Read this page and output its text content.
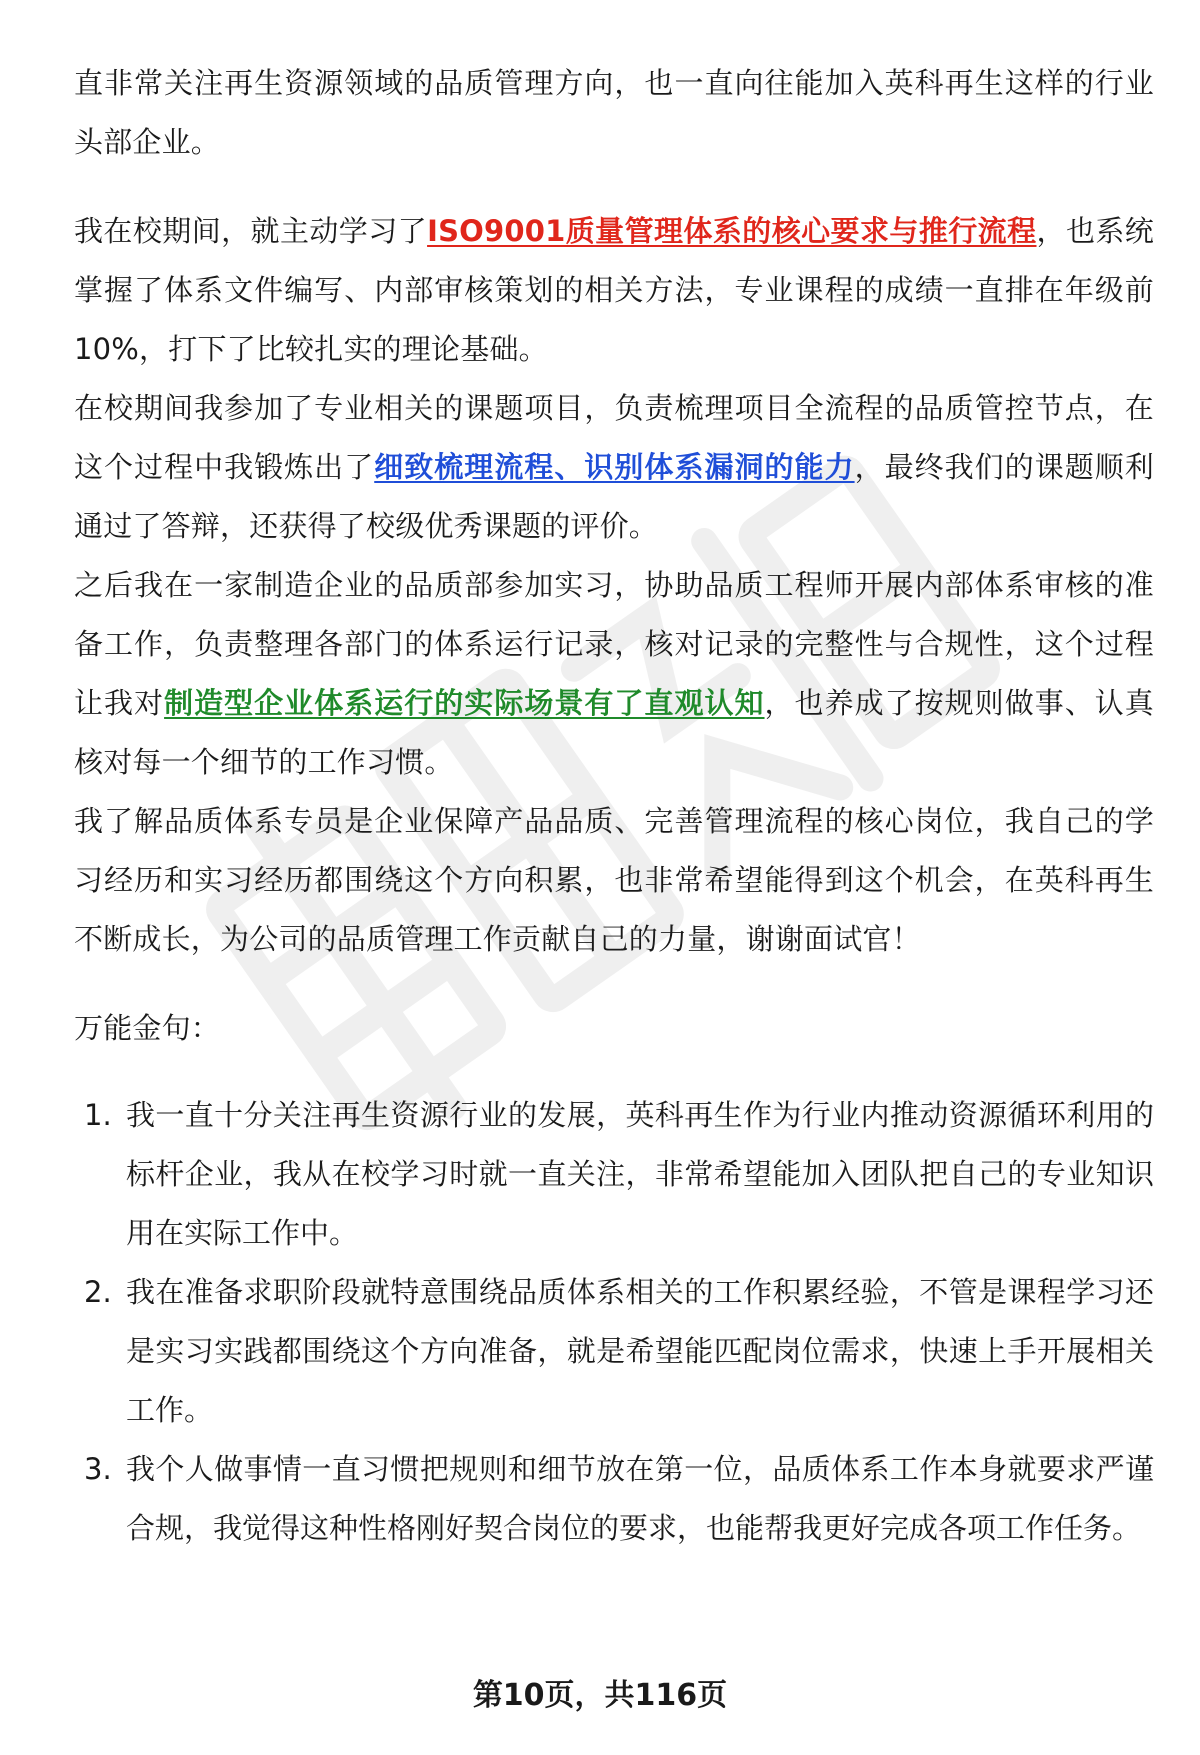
直非常关注再生资源领域的品质管理方向，也一直向往能加入英科再生这样的行业头部企业。

我在校期间，就主动学习了ISO9001质量管理体系的核心要求与推行流程，也系统掌握了体系文件编写、内部审核策划的相关方法，专业课程的成绩一直排在年级前10%，打下了比较扎实的理论基础。

在校期间我参加了专业相关的课题项目，负责梳理项目全流程的品质管控节点，在这个过程中我锻炼出了细致梳理流程、识别体系漏洞的能力，最终我们的课题顺利通过了答辩，还获得了校级优秀课题的评价。

之后我在一家制造企业的品质部参加实习，协助品质工程师开展内部体系审核的准备工作，负责整理各部门的体系运行记录，核对记录的完整性与合规性，这个过程让我对制造型企业体系运行的实际场景有了直观认知，也养成了按规则做事、认真核对每一个细节的工作习惯。

我了解品质体系专员是企业保障产品品质、完善管理流程的核心岗位，我自己的学习经历和实习经历都围绕这个方向积累，也非常希望能得到这个机会，在英科再生不断成长，为公司的品质管理工作贡献自己的力量，谢谢面试官！

万能金句：

1. 我一直十分关注再生资源行业的发展，英科再生作为行业内推动资源循环利用的标杆企业，我从在校学习时就一直关注，非常希望能加入团队把自己的专业知识用在实际工作中。
2. 我在准备求职阶段就特意围绕品质体系相关的工作积累经验，不管是课程学习还是实习实践都围绕这个方向准备，就是希望能匹配岗位需求，快速上手开展相关工作。
3. 我个人做事情一直习惯把规则和细节放在第一位，品质体系工作本身就要求严谨合规，我觉得这种性格刚好契合岗位的要求，也能帮我更好完成各项工作任务。
第10页，共116页
